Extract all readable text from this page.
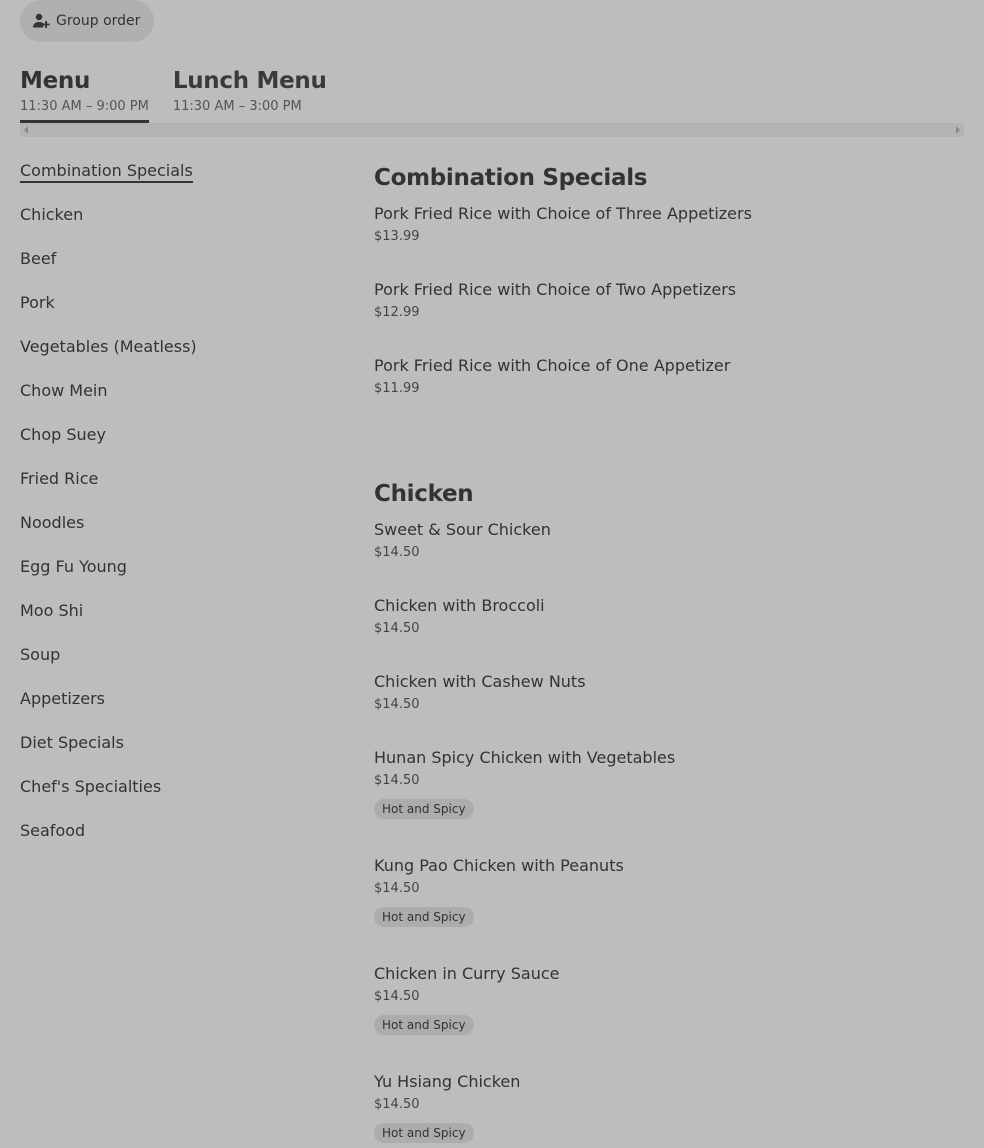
Group order
Menu
11:30 AM – 9:00 PM
Lunch Menu
11:30 AM – 3:00 PM
Combination Specials
Chicken
Beef
Pork
Vegetables (Meatless)
Chow Mein
Chop Suey
Fried Rice
Noodles
Egg Fu Young
Moo Shi
Soup
Appetizers
Diet Specials
Chef's Specialties
Seafood
Combination Specials
Pork Fried Rice with Choice of Three Appetizers
$13.99
Pork Fried Rice with Choice of Two Appetizers
$12.99
Pork Fried Rice with Choice of One Appetizer
$11.99
Chicken
Sweet & Sour Chicken
$14.50
Chicken with Broccoli
$14.50
Chicken with Cashew Nuts
$14.50
Hunan Spicy Chicken with Vegetables
$14.50
Hot and Spicy
Kung Pao Chicken with Peanuts
$14.50
Hot and Spicy
Chicken in Curry Sauce
$14.50
Hot and Spicy
Yu Hsiang Chicken
$14.50
Hot and Spicy
